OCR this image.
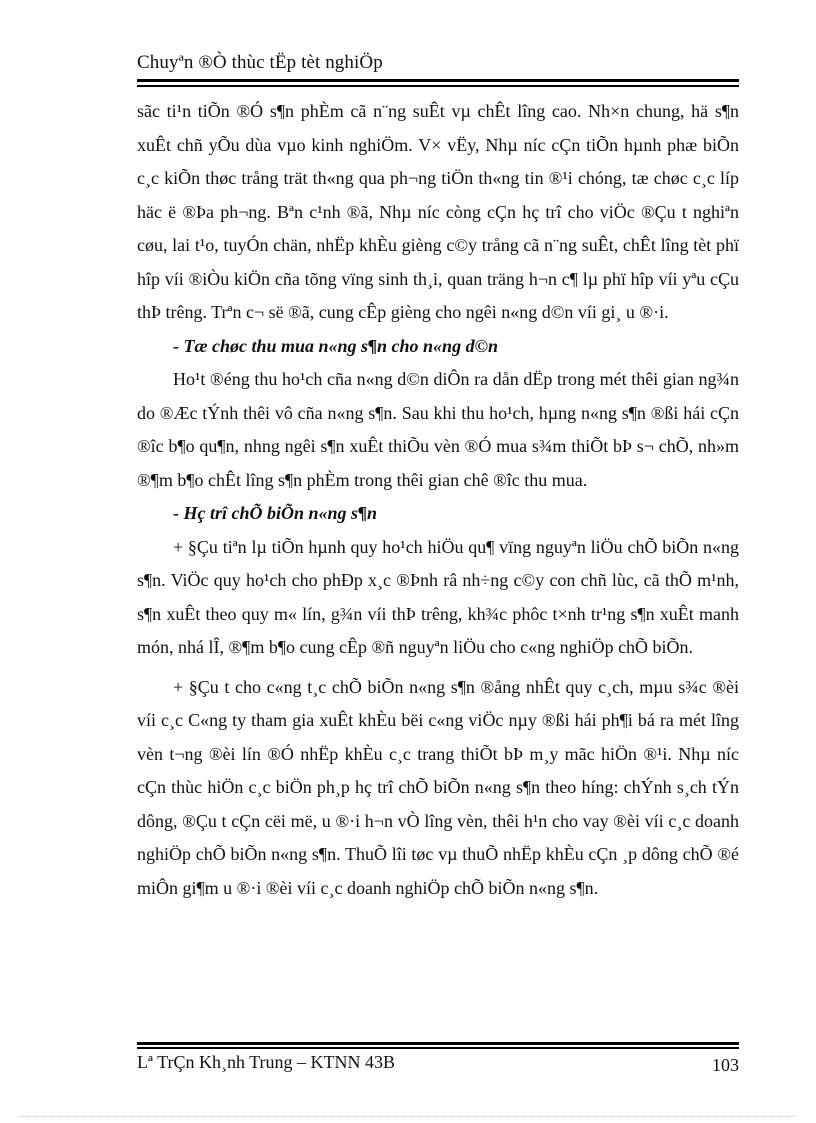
Chuyªn ®Ò thùc tËp tèt nghiÖp

sãc ti¹n tiÕn ®Ó s¶n phÈm cã n¨ng suÊt vµ chÊt lîng cao. Nh×n chung, hä s¶n xuÊt chñ yÕu dùa vµo kinh nghiÖm. V× vËy, Nhµ níc cÇn tiÕn hµnh phæ biÕn c¸c kiÕn thøc trång trät th«ng qua ph¬ng tiÖn th«ng tin ®¹i chóng, tæ chøc c¸c líp häc ë ®Þa ph¬ng. Bªn c¹nh ®ã, Nhµ níc còng cÇn hç trî cho viÖc ®Çu t nghiªn cøu, lai t¹o, tuyÓn chän, nhËp khÈu gièng c©y trång cã n¨ng suÊt, chÊt lîng tèt phï hîp víi ®iÒu kiÖn cña tõng vïng sinh th¸i, quan träng h¬n c¶ lµ phï hîp víi yªu cÇu thÞ trêng. Trªn c¬ së ®ã, cung cÊp gièng cho ngêi n«ng d©n víi gi¸ u ®·i.

- Tæ chøc thu mua n«ng s¶n cho n«ng d©n

Ho¹t ®éng thu ho¹ch cña n«ng d©n diÔn ra dån dËp trong mét thêi gian ng¾n do ®Æc tÝnh thêi vô cña n«ng s¶n. Sau khi thu ho¹ch, hµng n«ng s¶n ®ßi hái cÇn ®îc b¶o qu¶n, nhng ngêi s¶n xuÊt thiÕu vèn ®Ó mua s¾m thiÕt bÞ s¬ chÕ, nh»m ®¶m b¶o chÊt lîng s¶n phÈm trong thêi gian chê ®îc thu mua.

- Hç trî chÕ biÕn n«ng s¶n

+ §Çu tiªn lµ tiÕn hµnh quy ho¹ch hiÖu qu¶ vïng nguyªn liÖu chÕ biÕn n«ng s¶n. ViÖc quy ho¹ch cho phÐp x¸c ®Þnh râ nh÷ng c©y con chñ lùc, cã thÕ m¹nh, s¶n xuÊt theo quy m« lín, g¾n víi thÞ trêng, kh¾c phôc t×nh tr¹ng s¶n xuÊt manh món, nhá lÎ, ®¶m b¶o cung cÊp ®ñ nguyªn liÖu cho c«ng nghiÖp chÕ biÕn.

+ §Çu t cho c«ng t¸c chÕ biÕn n«ng s¶n ®ång nhÊt quy c¸ch, mµu s¾c ®èi víi c¸c C«ng ty tham gia xuÊt khÈu bëi c«ng viÖc nµy ®ßi hái ph¶i bá ra mét lîng vèn t¬ng ®èi lín ®Ó nhËp khÈu c¸c trang thiÕt bÞ m¸y mãc hiÖn ®¹i. Nhµ níc cÇn thùc hiÖn c¸c biÖn ph¸p hç trî chÕ biÕn n«ng s¶n theo híng: chÝnh s¸ch tÝn dông, ®Çu t cÇn cëi më, u ®·i h¬n vÒ lîng vèn, thêi h¹n cho vay ®èi víi c¸c doanh nghiÖp chÕ biÕn n«ng s¶n. ThuÕ lîi tøc vµ thuÕ nhËp khÈu cÇn ¸p dông chÕ ®é miÔn gi¶m u ®·i ®èi víi c¸c doanh nghiÖp chÕ biÕn n«ng s¶n.

Lª TrÇn Kh¸nh Trung – KTNN 43B	103
